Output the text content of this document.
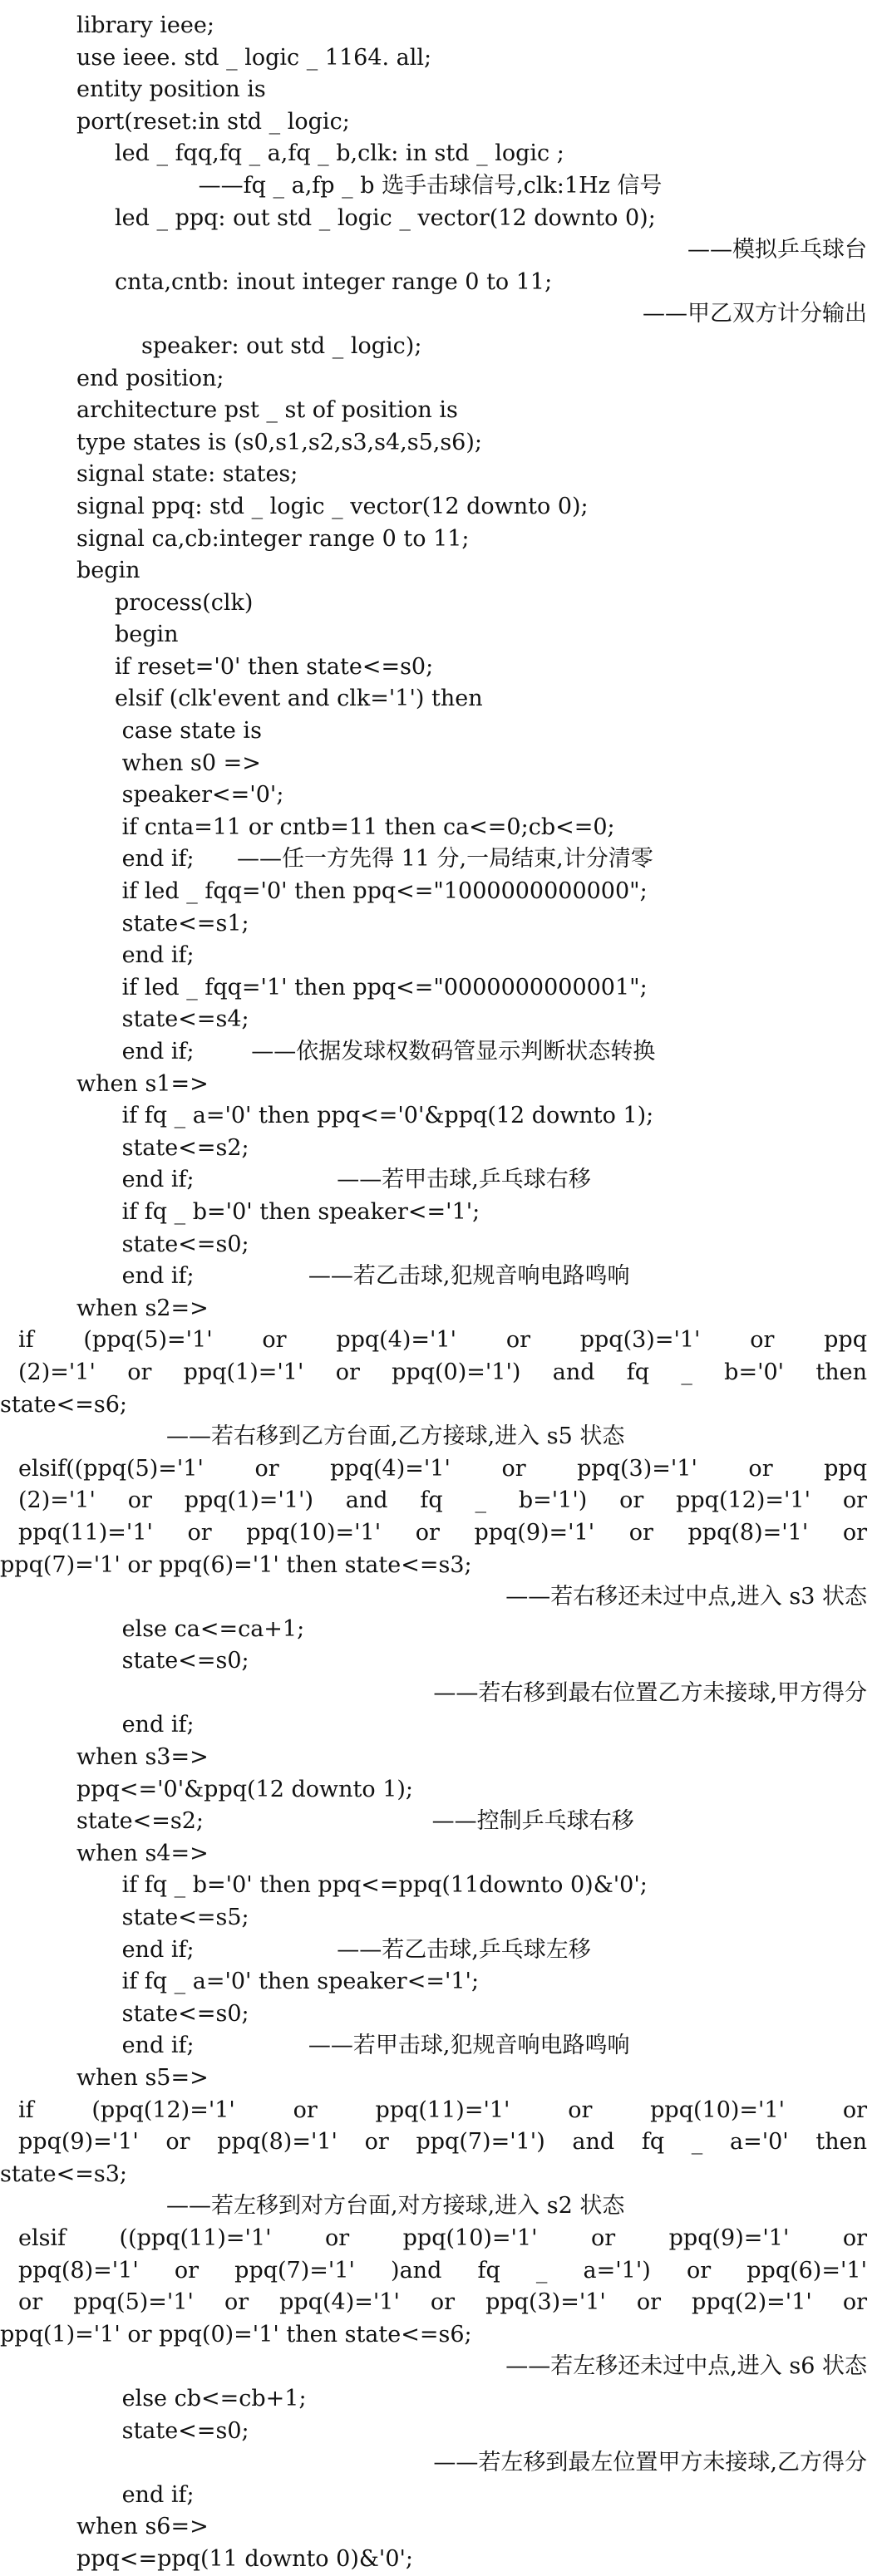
library ieee;
use ieee. std _ logic _ 1164. all;
entity position is
port(reset:in std _ logic;
led _ fqq,fq _ a,fq _ b,clk: in std _ logic ;
——fq _ a,fp _ b 选手击球信号,clk:1Hz 信号
led _ ppq: out std _ logic _ vector(12 downto 0);
——模拟乒乓球台
cnta,cntb: inout integer range 0 to 11;
——甲乙双方计分输出
speaker: out std _ logic);
end position;
architecture pst _ st of position is
type states is (s0,s1,s2,s3,s4,s5,s6);
signal state: states;
signal ppq: std _ logic _ vector(12 downto 0);
signal ca,cb:integer range 0 to 11;
begin
process(clk)
begin
if reset='0' then state<=s0;
elsif (clk'event and clk='1') then
case state is
when s0 =>
speaker<='0';
if cnta=11 or cntb=11 then ca<=0;cb<=0;
end if;      ——任一方先得 11 分,一局结束,计分清零
if led _ fqq='0' then ppq<="1000000000000";
state<=s1;
end if;
if led _ fqq='1' then ppq<="0000000000001";
state<=s4;
end if;        ——依据发球权数码管显示判断状态转换
when s1=>
if fq _ a='0' then ppq<='0'&ppq(12 downto 1);
state<=s2;
end if;                    ——若甲击球,乒乓球右移
if fq _ b='0' then speaker<='1';
state<=s0;
end if;                ——若乙击球,犯规音响电路鸣响
when s2=>
if (ppq(5)='1' or ppq(4)='1' or ppq(3)='1' or ppq
(2)='1' or ppq(1)='1' or ppq(0)='1') and fq _ b='0' then
state<=s6;
——若右移到乙方台面,乙方接球,进入 s5 状态
elsif((ppq(5)='1' or ppq(4)='1' or ppq(3)='1' or ppq
(2)='1' or ppq(1)='1') and fq _ b='1') or ppq(12)='1' or
ppq(11)='1' or ppq(10)='1' or ppq(9)='1' or ppq(8)='1' or
ppq(7)='1' or ppq(6)='1' then state<=s3;
——若右移还未过中点,进入 s3 状态
else ca<=ca+1;
state<=s0;
——若右移到最右位置乙方未接球,甲方得分
end if;
when s3=>
ppq<='0'&ppq(12 downto 1);
state<=s2;                                ——控制乒乓球右移
when s4=>
if fq _ b='0' then ppq<=ppq(11downto 0)&'0';
state<=s5;
end if;                    ——若乙击球,乒乓球左移
if fq _ a='0' then speaker<='1';
state<=s0;
end if;                ——若甲击球,犯规音响电路鸣响
when s5=>
if (ppq(12)='1' or ppq(11)='1' or ppq(10)='1' or
ppq(9)='1' or ppq(8)='1' or ppq(7)='1') and fq _ a='0' then
state<=s3;
——若左移到对方台面,对方接球,进入 s2 状态
elsif ((ppq(11)='1' or ppq(10)='1' or ppq(9)='1' or
ppq(8)='1' or ppq(7)='1' )and fq _ a='1') or ppq(6)='1'
or ppq(5)='1' or ppq(4)='1' or ppq(3)='1' or ppq(2)='1' or
ppq(1)='1' or ppq(0)='1' then state<=s6;
——若左移还未过中点,进入 s6 状态
else cb<=cb+1;
state<=s0;
——若左移到最左位置甲方未接球,乙方得分
end if;
when s6=>
ppq<=ppq(11 downto 0)&'0';
